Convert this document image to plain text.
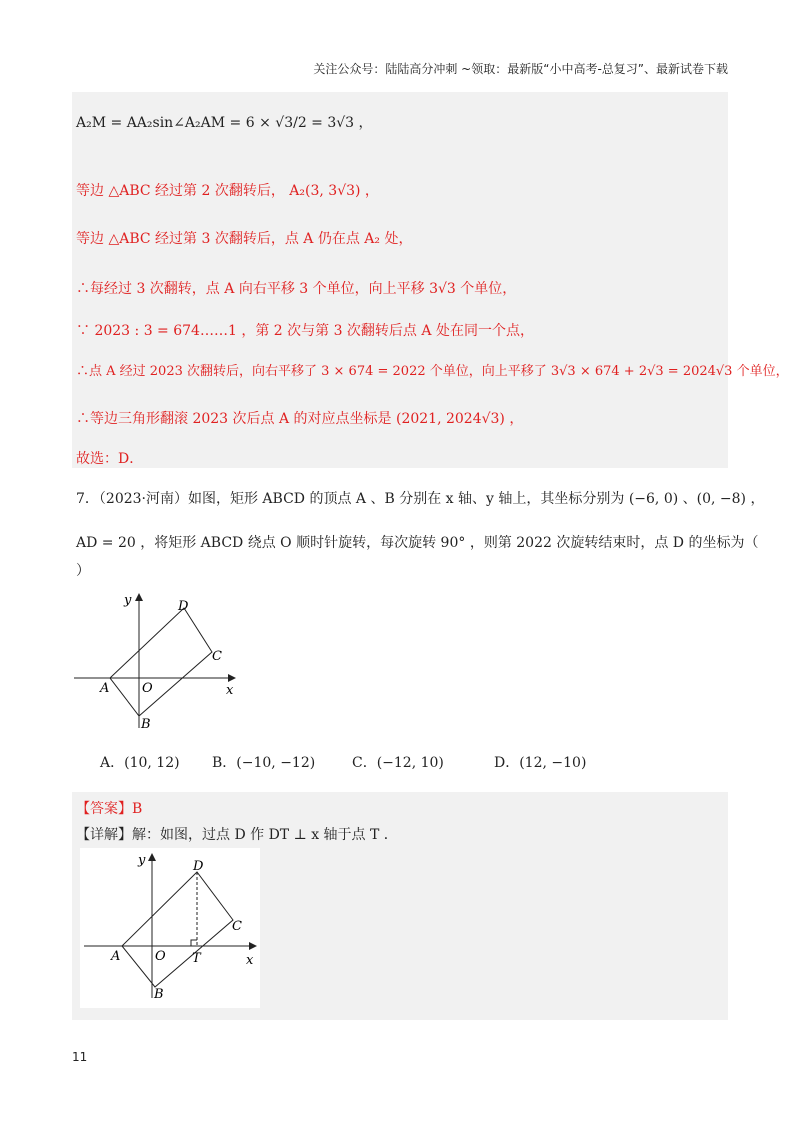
关注公众号：陆陆高分冲刺 ~领取：最新版“小中高考-总复习”、最新试卷下载
A₂M = AA₂sin∠A₂AM = 6 × √3/2 = 3√3 ，
等边 △ABC 经过第 2 次翻转后， A₂(3, 3√3) ，
等边 △ABC 经过第 3 次翻转后，点 A 仍在点 A₂ 处，
∴每经过 3 次翻转，点 A 向右平移 3 个单位，向上平移 3√3 个单位，
∵ 2023 : 3 = 674……1 ，第 2 次与第 3 次翻转后点 A 处在同一个点，
∴点 A 经过 2023 次翻转后，向右平移了 3 × 674 = 2022 个单位，向上平移了 3√3 × 674 + 2√3 = 2024√3 个单位，
∴等边三角形翻滚 2023 次后点 A 的对应点坐标是 (2021, 2024√3) ，
故选：D．
7．（2023·河南）如图，矩形 ABCD 的顶点 A 、B 分别在 x 轴、y 轴上，其坐标分别为 (−6, 0) 、(0, −8) ，
AD = 20 ，将矩形 ABCD 绕点 O 顺时针旋转，每次旋转 90° ，则第 2022 次旋转结束时，点 D 的坐标为（
）
y
x
D
C
A	O
B
A．(10, 12) B．(−10, −12)	C．(−12, 10)	D．(12, −10)
【答案】B
【详解】解：如图，过点 D 作 DT ⊥ x 轴于点 T ．
y
x
D
C
A	O T
B
11
